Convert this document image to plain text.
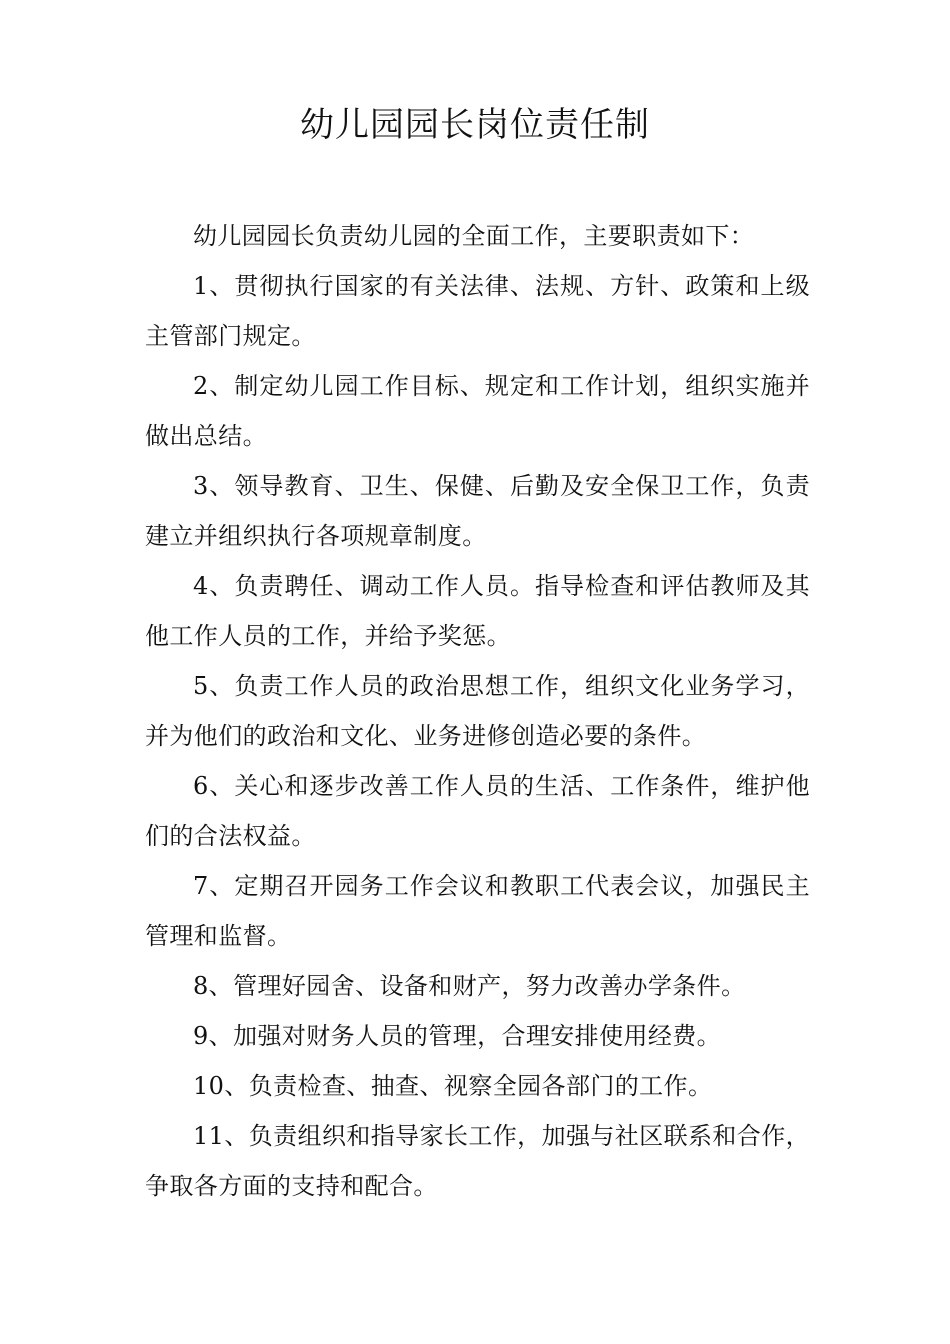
幼儿园园长岗位责任制

幼儿园园长负责幼儿园的全面工作，主要职责如下：

1、贯彻执行国家的有关法律、法规、方针、政策和上级主管部门规定。

2、制定幼儿园工作目标、规定和工作计划，组织实施并做出总结。

3、领导教育、卫生、保健、后勤及安全保卫工作，负责建立并组织执行各项规章制度。

4、负责聘任、调动工作人员。指导检查和评估教师及其他工作人员的工作，并给予奖惩。

5、负责工作人员的政治思想工作，组织文化业务学习，并为他们的政治和文化、业务进修创造必要的条件。

6、关心和逐步改善工作人员的生活、工作条件，维护他们的合法权益。

7、定期召开园务工作会议和教职工代表会议，加强民主管理和监督。

8、管理好园舍、设备和财产，努力改善办学条件。

9、加强对财务人员的管理，合理安排使用经费。

10、负责检查、抽查、视察全园各部门的工作。

11、负责组织和指导家长工作，加强与社区联系和合作，争取各方面的支持和配合。
